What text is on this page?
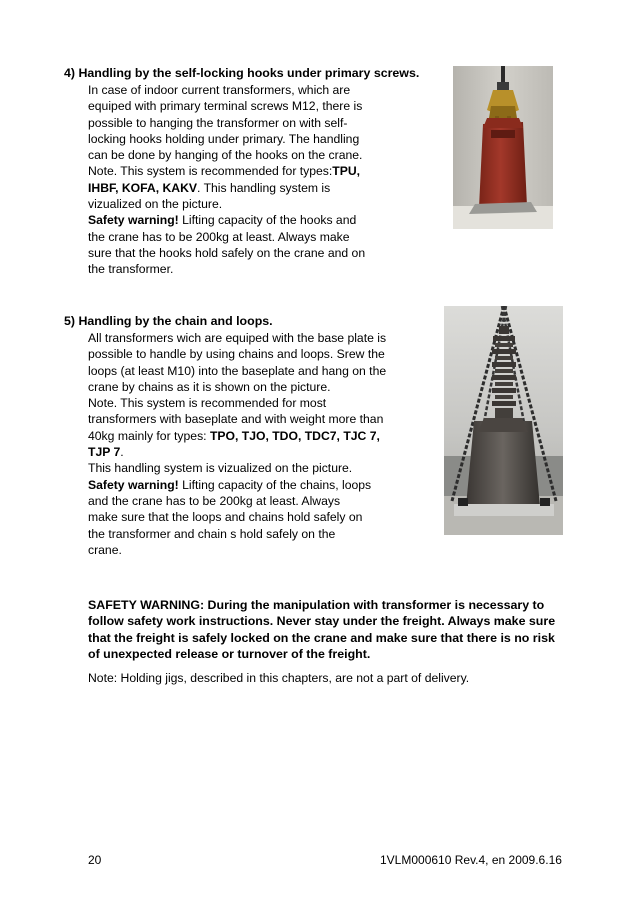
4) Handling by the self-locking hooks under primary screws.
In case of indoor current transformers, which are
equiped with primary terminal screws M12, there is
possible to hanging the transformer on with self-
locking hooks holding under primary. The handling
can be done by hanging of the hooks on the crane.
Note. This system is recommended for types:TPU,
IHBF, KOFA, KAKV. This handling system is
vizualized on the picture.
Safety warning! Lifting capacity of the hooks and
the crane has to be 200kg at least. Always make
sure that the hooks hold safely on the crane and on
the transformer.
5) Handling by the chain and loops.
All transformers wich are equiped with the base plate is
possible to handle by using chains and loops. Srew the
loops (at least M10) into the baseplate and hang on the
crane by chains as it is shown on the picture.
Note. This system is recommended for most
transformers with baseplate and with weight more than
40kg mainly for types: TPO, TJO, TDO, TDC7, TJC 7,
TJP 7.
This handling system is vizualized on the picture.
Safety warning! Lifting capacity of the chains, loops
and the crane has to be 200kg at least. Always
make sure that the loops and chains hold safely on
the transformer and chain s hold safely on the
crane.
SAFETY WARNING: During the manipulation with transformer is necessary to
follow safety work instructions. Never stay under the freight. Always make sure
that the freight is safely locked on the crane and make sure that there is no risk
of unexpected release or turnover of the freight.
Note: Holding jigs, described in this chapters, are not a part of delivery.
20	1VLM000610 Rev.4, en 2009.6.16
